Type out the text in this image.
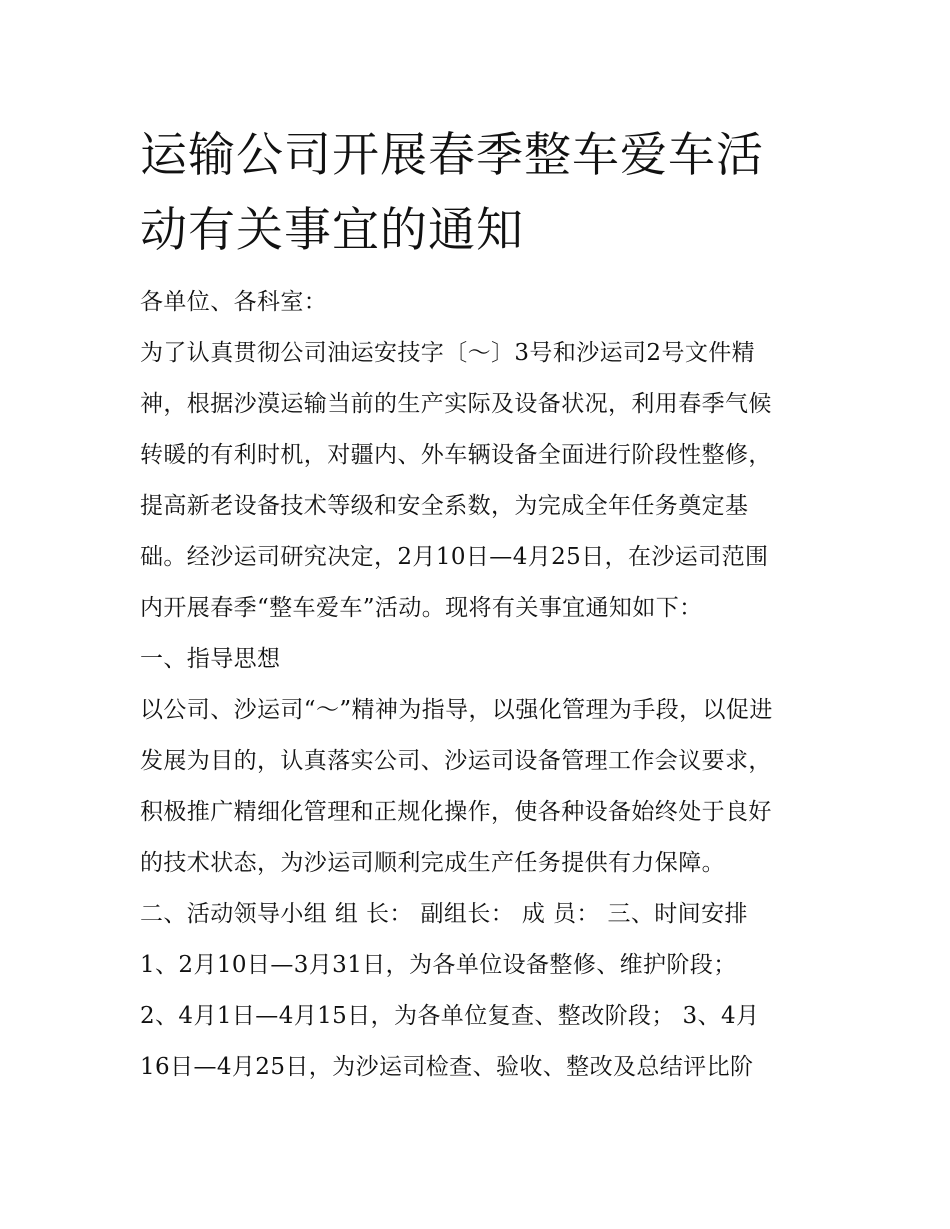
运输公司开展春季整车爱车活
动有关事宜的通知
各单位、各科室：
为了认真贯彻公司油运安技字〔～〕3号和沙运司2号文件精
神，根据沙漠运输当前的生产实际及设备状况，利用春季气候
转暖的有利时机，对疆内、外车辆设备全面进行阶段性整修，
提高新老设备技术等级和安全系数，为完成全年任务奠定基
础。经沙运司研究决定，2月10日—4月25日，在沙运司范围
内开展春季“整车爱车”活动。现将有关事宜通知如下：
一、指导思想
以公司、沙运司“～”精神为指导，以强化管理为手段，以促进
发展为目的，认真落实公司、沙运司设备管理工作会议要求，
积极推广精细化管理和正规化操作，使各种设备始终处于良好
的技术状态，为沙运司顺利完成生产任务提供有力保障。
二、活动领导小组 组 长： 副组长： 成 员： 三、时间安排
1、2月10日—3月31日，为各单位设备整修、维护阶段；
2、4月1日—4月15日，为各单位复查、整改阶段； 3、4月
16日—4月25日，为沙运司检查、验收、整改及总结评比阶
